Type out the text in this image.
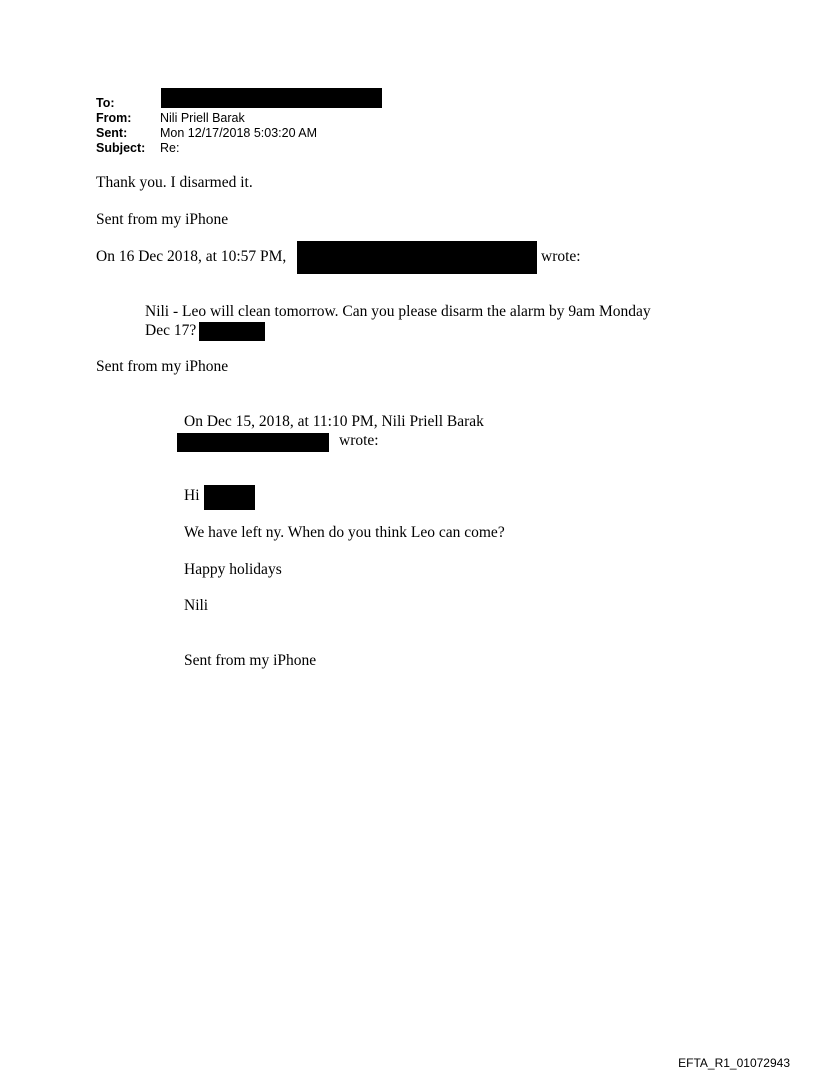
To:
From:	Nili Priell Barak
Sent:	Mon 12/17/2018 5:03:20 AM
Subject:	Re:
Thank you. I disarmed it.
Sent from my iPhone
On 16 Dec 2018, at 10:57 PM,	wrote:
Nili - Leo will clean tomorrow. Can you please disarm the alarm by 9am Monday
Dec 17?
Sent from my iPhone
On Dec 15, 2018, at 11:10 PM, Nili Priell Barak
wrote:
Hi
We have left ny. When do you think Leo can come?
Happy holidays
Nili
Sent from my iPhone
EFTA_R1_01072943
